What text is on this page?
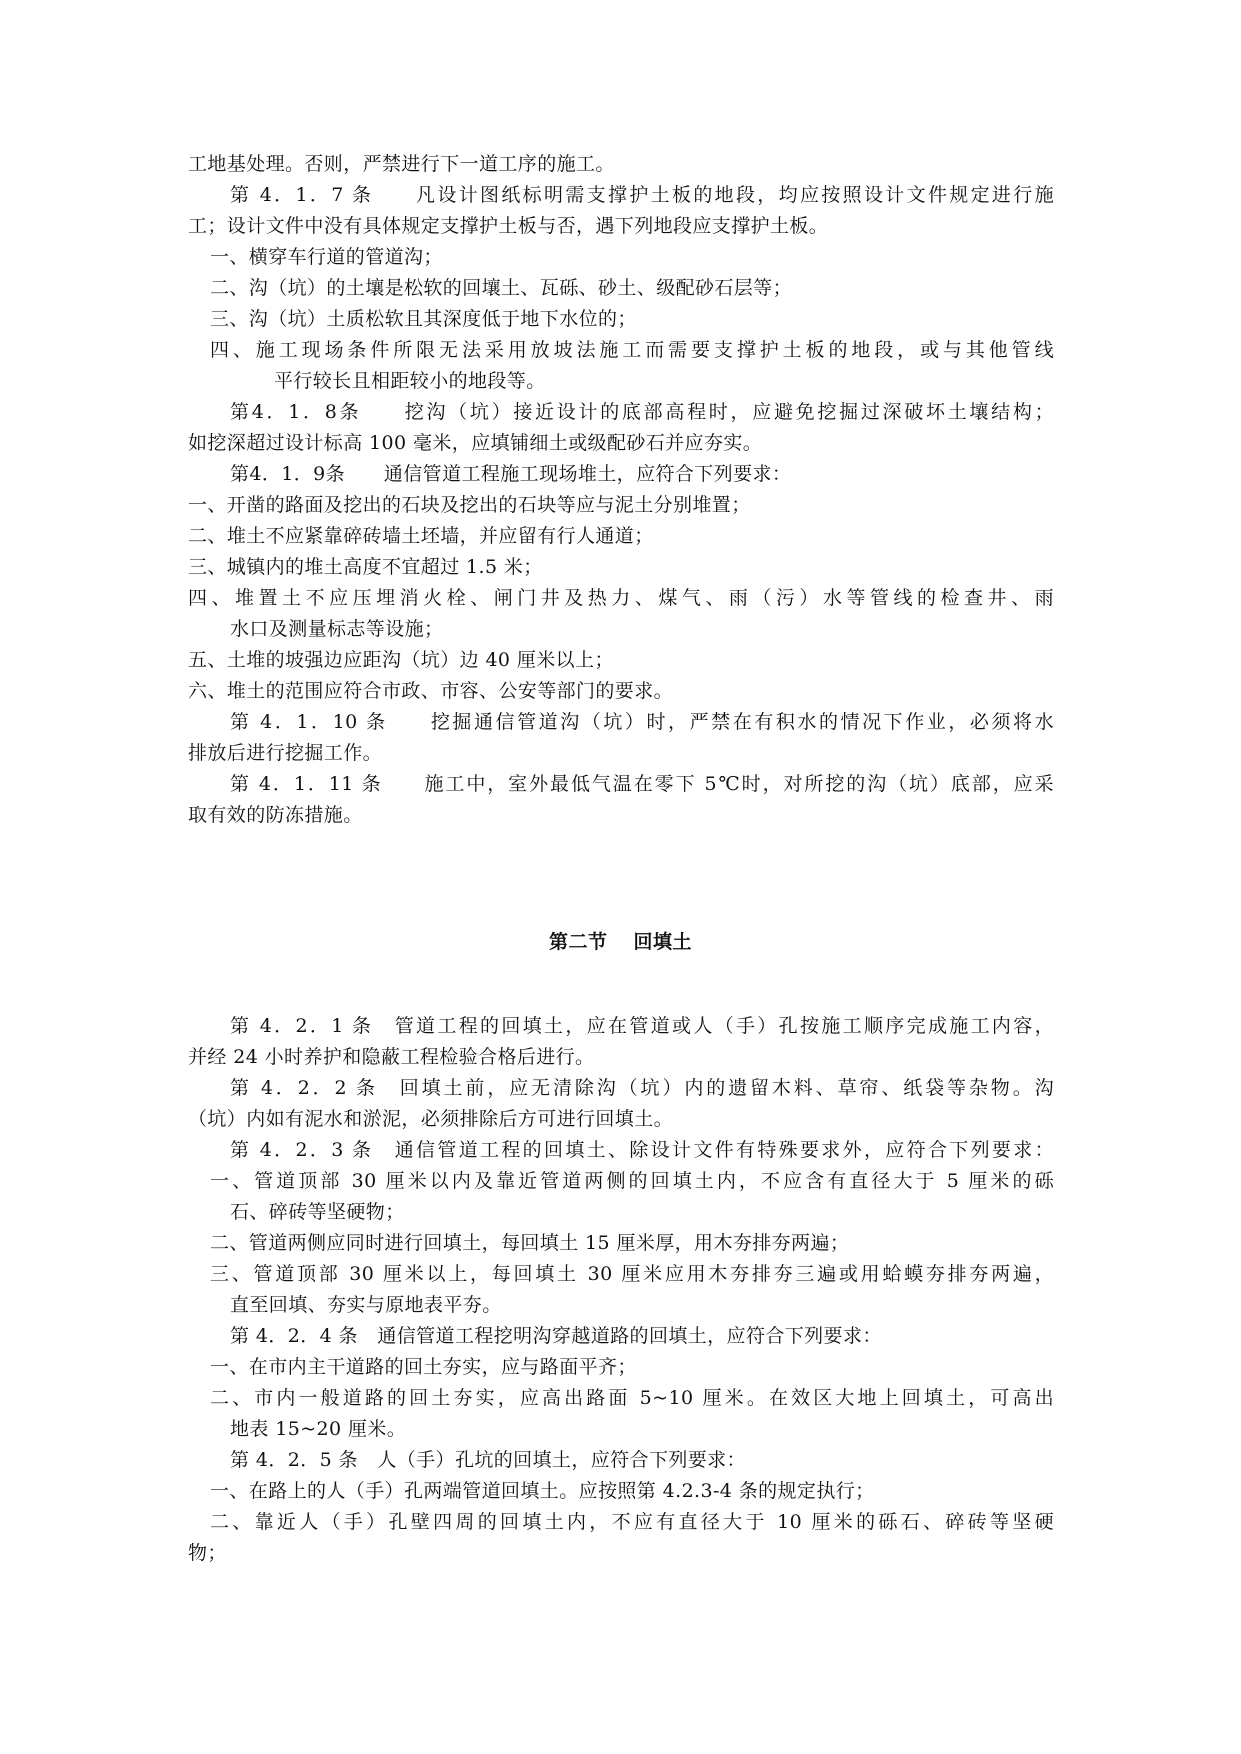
工地基处理。否则，严禁进行下一道工序的施工。

第 4．1．7 条　　凡设计图纸标明需支撑护土板的地段，均应按照设计文件规定进行施

工；设计文件中没有具体规定支撑护土板与否，遇下列地段应支撑护土板。

一、横穿车行道的管道沟；

二、沟（坑）的土壤是松软的回壤土、瓦砾、砂土、级配砂石层等；

三、沟（坑）土质松软且其深度低于地下水位的；

四、施工现场条件所限无法采用放坡法施工而需要支撑护土板的地段，或与其他管线

平行较长且相距较小的地段等。

第4．1．8条　　挖沟（坑）接近设计的底部高程时，应避免挖掘过深破坏土壤结构；

如挖深超过设计标高 100 毫米，应填铺细土或级配砂石并应夯实。

第4．1．9条　　通信管道工程施工现场堆土，应符合下列要求：

一、开凿的路面及挖出的石块及挖出的石块等应与泥土分别堆置；

二、堆土不应紧靠碎砖墙土坯墙，并应留有行人通道；

三、城镇内的堆土高度不宜超过 1.5 米；

四、堆置土不应压埋消火栓、闸门井及热力、煤气、雨（污）水等管线的检查井、雨

水口及测量标志等设施；

五、土堆的坡强边应距沟（坑）边 40 厘米以上；

六、堆土的范围应符合市政、市容、公安等部门的要求。

第 4．1．10 条　　挖掘通信管道沟（坑）时，严禁在有积水的情况下作业，必须将水

排放后进行挖掘工作。

第 4．1．11 条　　施工中，室外最低气温在零下 5℃时，对所挖的沟（坑）底部，应采

取有效的防冻措施。

第二节 回填土

第 4．2．1 条　管道工程的回填土，应在管道或人（手）孔按施工顺序完成施工内容，

并经 24 小时养护和隐蔽工程检验合格后进行。

第 4．2．2 条　回填土前，应无清除沟（坑）内的遗留木料、草帘、纸袋等杂物。沟

（坑）内如有泥水和淤泥，必须排除后方可进行回填土。

第 4．2．3 条　通信管道工程的回填土、除设计文件有特殊要求外，应符合下列要求：

一、管道顶部 30 厘米以内及靠近管道两侧的回填土内，不应含有直径大于 5 厘米的砾

石、碎砖等坚硬物；

二、管道两侧应同时进行回填土，每回填土 15 厘米厚，用木夯排夯两遍；

三、管道顶部 30 厘米以上，每回填土 30 厘米应用木夯排夯三遍或用蛤蟆夯排夯两遍，

直至回填、夯实与原地表平夯。

第 4．2．4 条　通信管道工程挖明沟穿越道路的回填土，应符合下列要求：

一、在市内主干道路的回土夯实，应与路面平齐；

二、市内一般道路的回土夯实，应高出路面 5~10 厘米。在效区大地上回填土，可高出

地表 15~20 厘米。

第 4．2．5 条　人（手）孔坑的回填土，应符合下列要求：

一、在路上的人（手）孔两端管道回填土。应按照第 4.2.3-4 条的规定执行；

二、靠近人（手）孔壁四周的回填土内，不应有直径大于 10 厘米的砾石、碎砖等坚硬

物；
